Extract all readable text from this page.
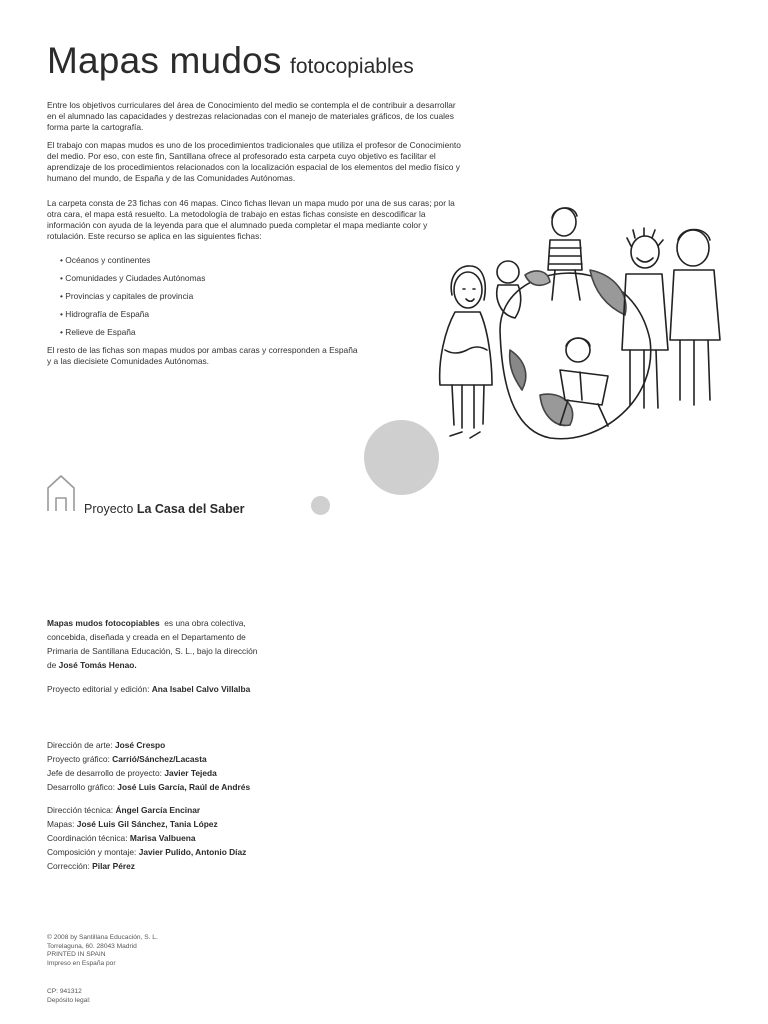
Mapas mudos fotocopiables

Entre los objetivos curriculares del área de Conocimiento del medio se contempla el de contribuir a desarrollar en el alumnado las capacidades y destrezas relacionadas con el manejo de materiales gráficos, de los cuales forma parte la cartografía.

El trabajo con mapas mudos es uno de los procedimientos tradicionales que utiliza el profesor de Conocimiento del medio. Por eso, con este fin, Santillana ofrece al profesorado esta carpeta cuyo objetivo es facilitar el aprendizaje de los procedimientos relacionados con la localización espacial de los elementos del medio físico y humano del mundo, de España y de las Comunidades Autónomas.

La carpeta consta de 23 fichas con 46 mapas. Cinco fichas llevan un mapa mudo por una de sus caras; por la otra cara, el mapa está resuelto. La metodología de trabajo en estas fichas consiste en descodificar la información con ayuda de la leyenda para que el alumnado pueda completar el mapa mediante color y rotulación. Este recurso se aplica en las siguientes fichas:

• Océanos y continentes
• Comunidades y Ciudades Autónomas
• Provincias y capitales de provincia
• Hidrografía de España
• Relieve de España
El resto de las fichas son mapas mudos por ambas caras y corresponden a España
y a las diecisiete Comunidades Autónomas.
Proyecto La Casa del Saber
Mapas mudos fotocopiables  es una obra colectiva,
concebida, diseñada y creada en el Departamento de
Primaria de Santillana Educación, S. L., bajo la dirección
de José Tomás Henao.
Proyecto editorial y edición: Ana Isabel Calvo Villalba
Dirección de arte: José Crespo
Proyecto gráfico: Carrió/Sánchez/Lacasta
Jefe de desarrollo de proyecto: Javier Tejeda
Desarrollo gráfico: José Luis García, Raúl de Andrés
Dirección técnica: Ángel García Encinar
Mapas: José Luis Gil Sánchez, Tania López
Coordinación técnica: Marisa Valbuena
Composición y montaje: Javier Pulido, Antonio Díaz
Corrección: Pilar Pérez
© 2008 by Santillana Educación, S. L.
Torrelaguna, 60. 28043 Madrid
PRINTED IN SPAIN
Impreso en España por
CP: 941312
Depósito legal:
